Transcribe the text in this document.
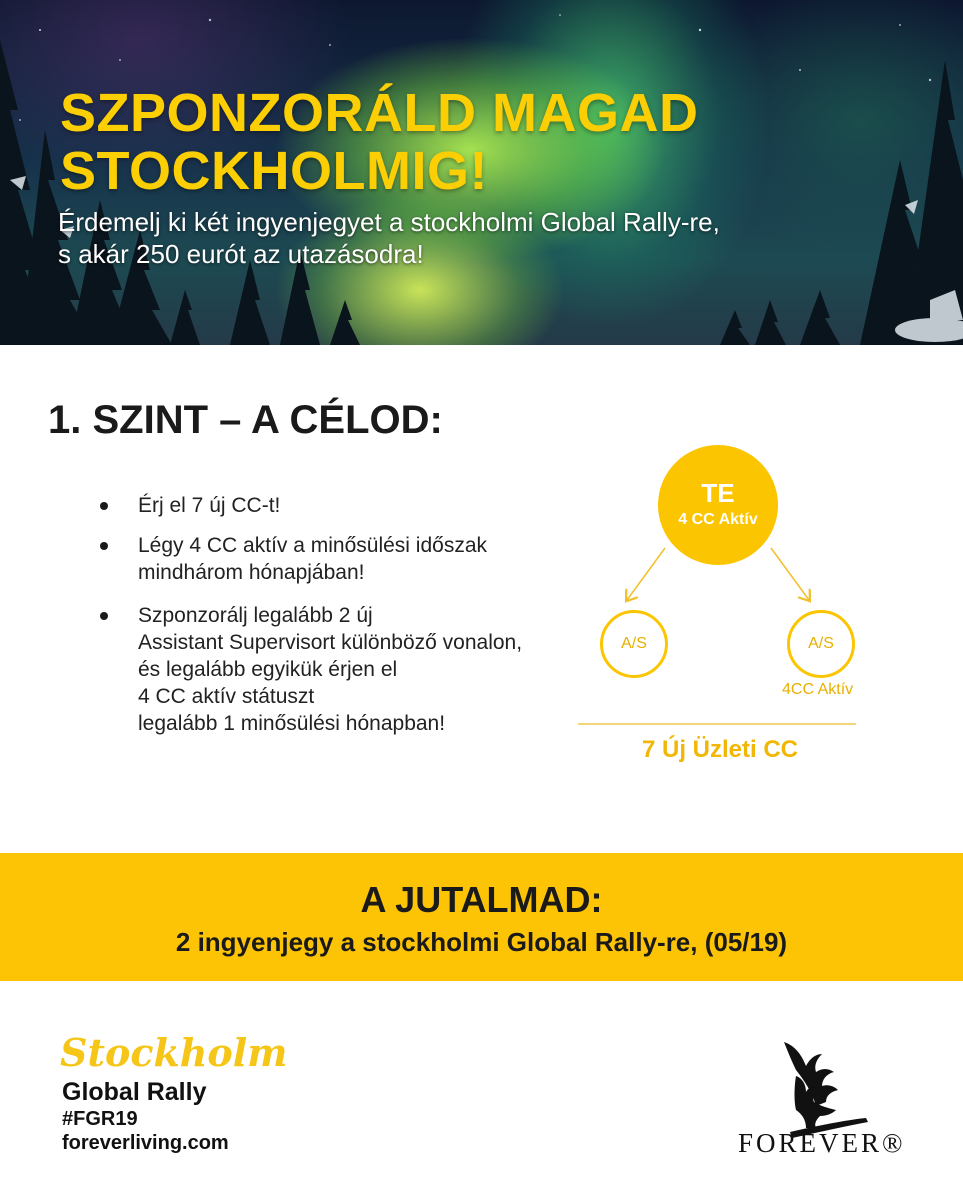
SZPONZORÁLD MAGAD
STOCKHOLMIG!

Érdemelj ki két ingyenjegyet a stockholmi Global Rally-re,
s akár 250 eurót az utazásodra!

1. SZINT – A CÉLOD:
Érj el 7 új CC-t!
Légy 4 CC aktív a minősülési időszak
mindhárom hónapjában!
Szponzorálj legalább 2 új
Assistant Supervisort különböző vonalon,
és legalább egyikük érjen el
4 CC aktív státuszt
legalább 1 minősülési hónapban!
TE
4 CC Aktív
A/S	A/S
4CC Aktív
7 Új Üzleti CC
A JUTALMAD:

2 ingyenjegy a stockholmi Global Rally-re, (05/19)

Stockholm
Global Rally
#FGR19
foreverliving.com	FOREVER®
